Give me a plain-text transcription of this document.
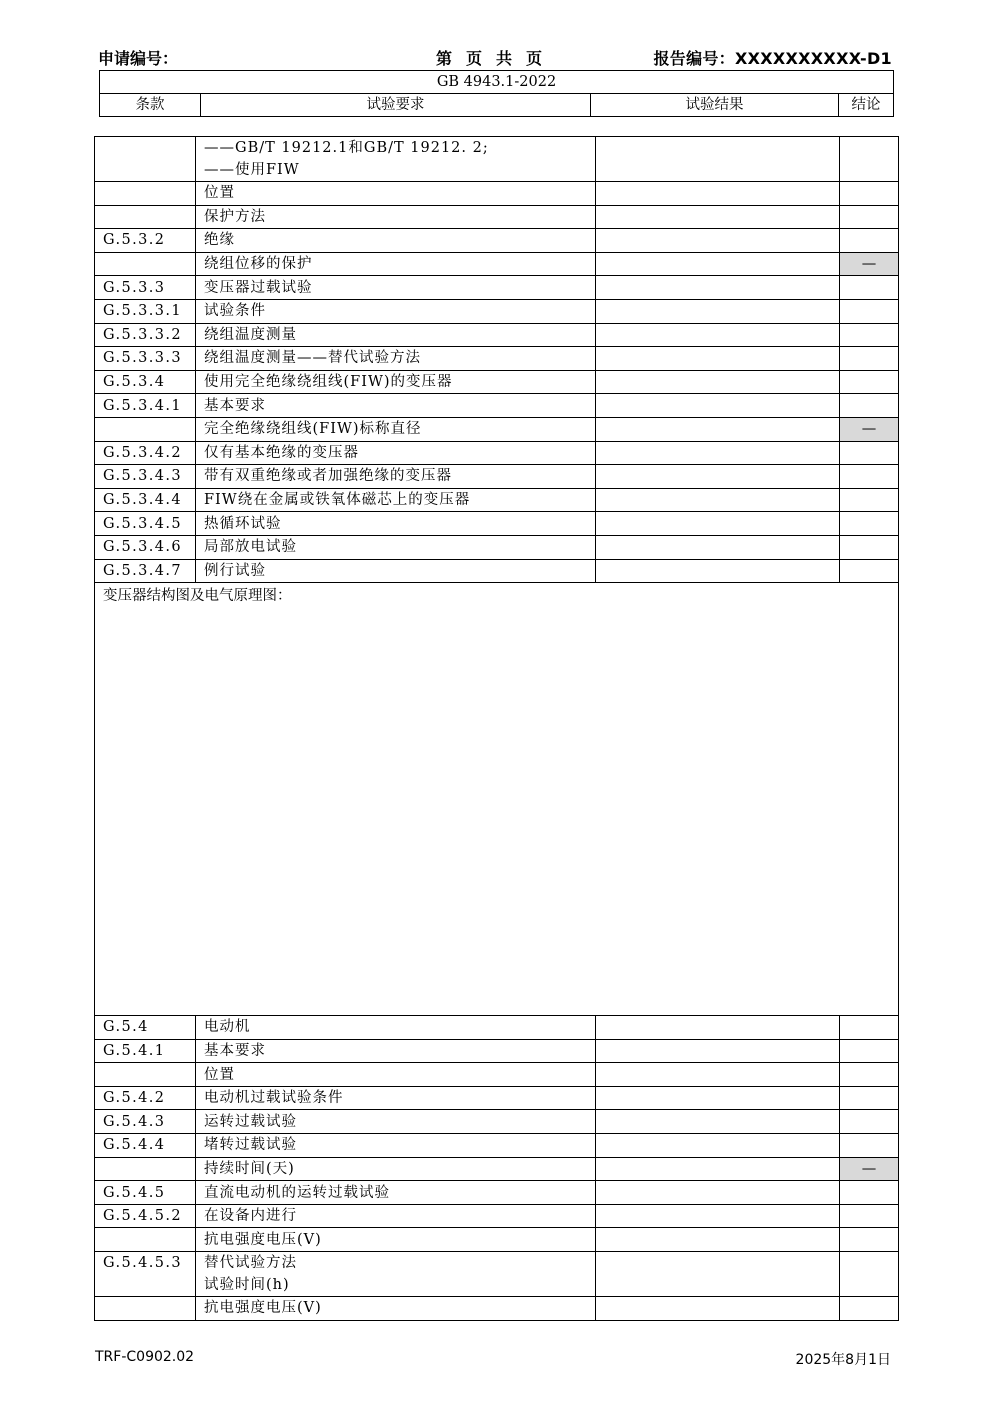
申请编号：	第页共页	报告编号：XXXXXXXXXX-D1
GB 4943.1-2022
条款	试验要求	试验结果	结论

	——GB/T 19212.1和GB/T 19212. 2;
——使用FIW		

	位置		

	保护方法		

G.5.3.2	绝缘		

	绕组位移的保护		—
G.5.3.3	变压器过载试验		

G.5.3.3.1	试验条件		

G.5.3.3.2	绕组温度测量		

G.5.3.3.3	绕组温度测量——替代试验方法		

G.5.3.4	使用完全绝缘绕组线(FIW)的变压器		

G.5.3.4.1	基本要求		

	完全绝缘绕组线(FIW)标称直径		—
G.5.3.4.2	仅有基本绝缘的变压器		

G.5.3.4.3	带有双重绝缘或者加强绝缘的变压器		

G.5.3.4.4	FIW绕在金属或铁氧体磁芯上的变压器		

G.5.3.4.5	热循环试验		

G.5.3.4.6	局部放电试验		

G.5.3.4.7	例行试验		

变压器结构图及电气原理图：			
G.5.4	电动机		

G.5.4.1	基本要求		

	位置		

G.5.4.2	电动机过载试验条件		

G.5.4.3	运转过载试验		

G.5.4.4	堵转过载试验		

	持续时间(天)		—
G.5.4.5	直流电动机的运转过载试验		

G.5.4.5.2	在设备内进行		

	抗电强度电压(V)		

G.5.4.5.3	替代试验方法
试验时间(h)		

	抗电强度电压(V)		

TRF-C0902.02	2025年8月1日
